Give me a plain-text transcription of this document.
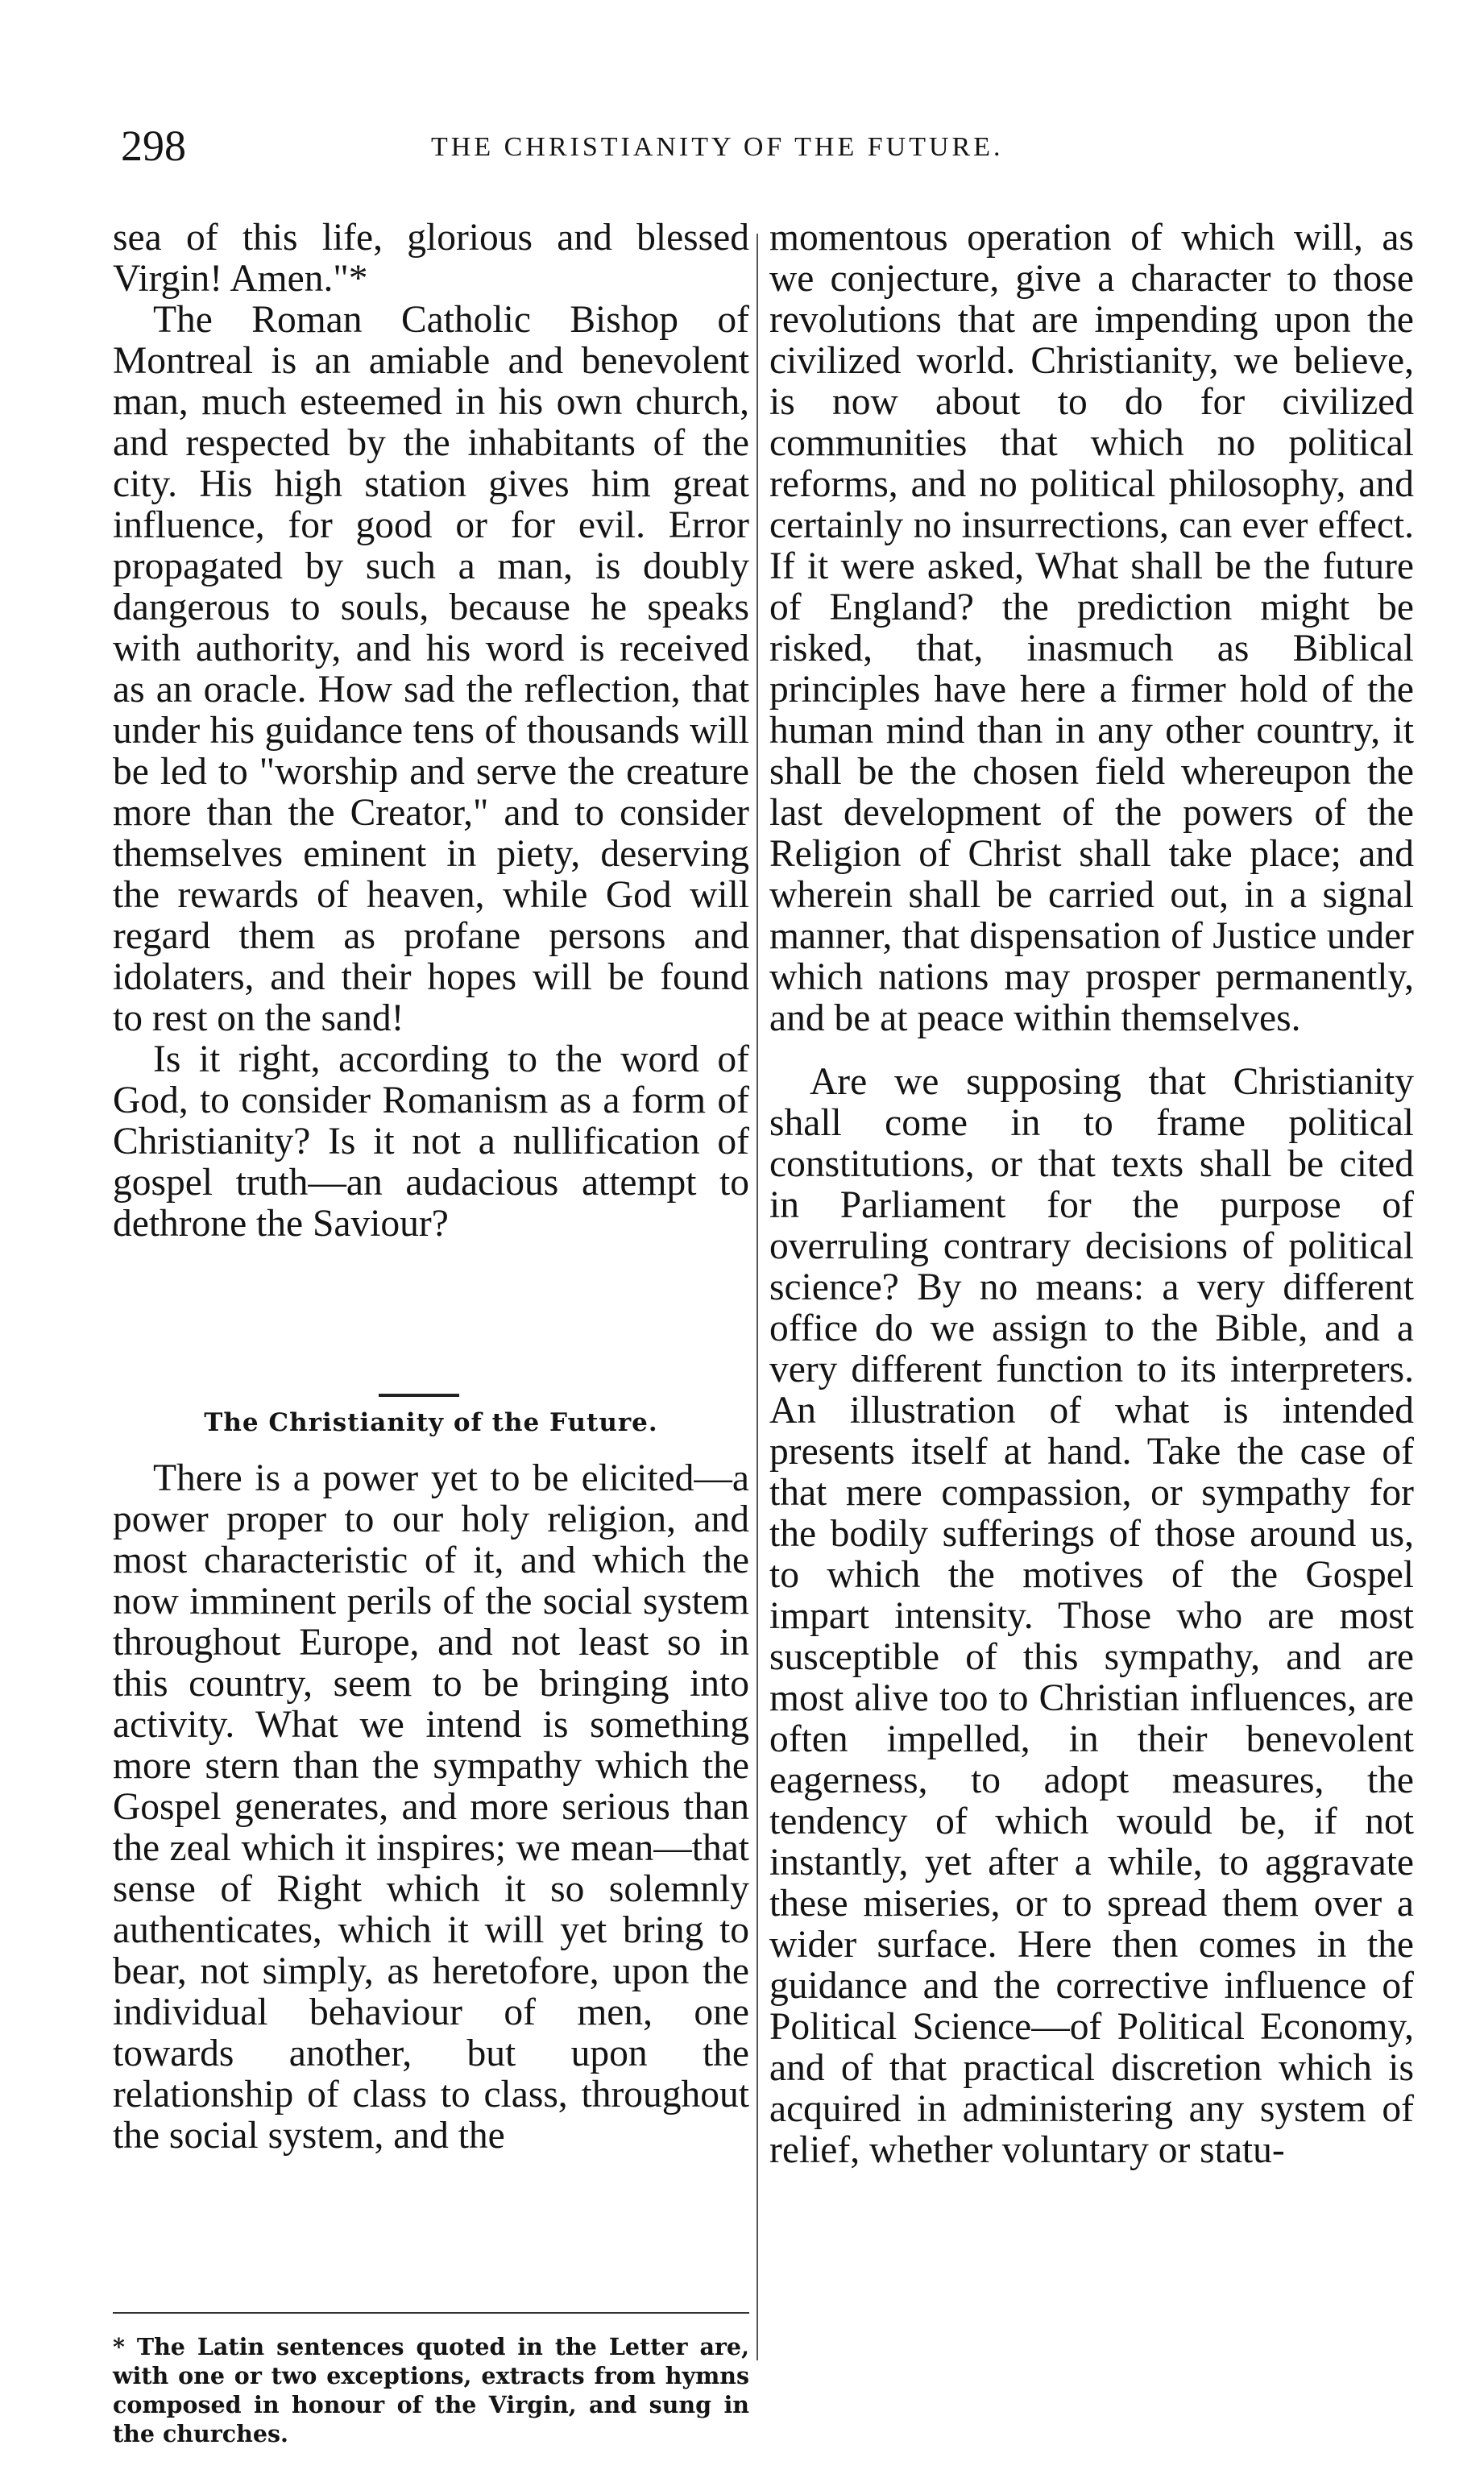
298	THE CHRISTIANITY OF THE FUTURE.

sea of this life, glorious and blessed Virgin! Amen."*

The Roman Catholic Bishop of Montreal is an amiable and benevolent man, much esteemed in his own church, and respected by the inhabitants of the city. His high station gives him great influence, for good or for evil. Error propagated by such a man, is doubly dangerous to souls, because he speaks with authority, and his word is received as an oracle. How sad the reflection, that under his guidance tens of thousands will be led to "worship and serve the creature more than the Creator," and to consider themselves eminent in piety, deserving the rewards of heaven, while God will regard them as profane persons and idolaters, and their hopes will be found to rest on the sand!

Is it right, according to the word of God, to consider Romanism as a form of Christianity? Is it not a nullification of gospel truth—an audacious attempt to dethrone the Saviour?

The Christianity of the Future.

There is a power yet to be elicited—a power proper to our holy religion, and most characteristic of it, and which the now imminent perils of the social system throughout Europe, and not least so in this country, seem to be bringing into activity. What we intend is something more stern than the sympathy which the Gospel generates, and more serious than the zeal which it inspires; we mean—that sense of Right which it so solemnly authenticates, which it will yet bring to bear, not simply, as heretofore, upon the individual behaviour of men, one towards another, but upon the relationship of class to class, throughout the social system, and the

* The Latin sentences quoted in the Letter are, with one or two exceptions, extracts from hymns composed in honour of the Virgin, and sung in the churches.

momentous operation of which will, as we conjecture, give a character to those revolutions that are impending upon the civilized world. Christianity, we believe, is now about to do for civilized communities that which no political reforms, and no political philosophy, and certainly no insurrections, can ever effect. If it were asked, What shall be the future of England? the prediction might be risked, that, inasmuch as Biblical principles have here a firmer hold of the human mind than in any other country, it shall be the chosen field whereupon the last development of the powers of the Religion of Christ shall take place; and wherein shall be carried out, in a signal manner, that dispensation of Justice under which nations may prosper permanently, and be at peace within themselves.

Are we supposing that Christianity shall come in to frame political constitutions, or that texts shall be cited in Parliament for the purpose of overruling contrary decisions of political science? By no means: a very different office do we assign to the Bible, and a very different function to its interpreters. An illustration of what is intended presents itself at hand. Take the case of that mere compassion, or sympathy for the bodily sufferings of those around us, to which the motives of the Gospel impart intensity. Those who are most susceptible of this sympathy, and are most alive too to Christian influences, are often impelled, in their benevolent eagerness, to adopt measures, the tendency of which would be, if not instantly, yet after a while, to aggravate these miseries, or to spread them over a wider surface. Here then comes in the guidance and the corrective influence of Political Science—of Political Economy, and of that practical discretion which is acquired in administering any system of relief, whether voluntary or statu-
